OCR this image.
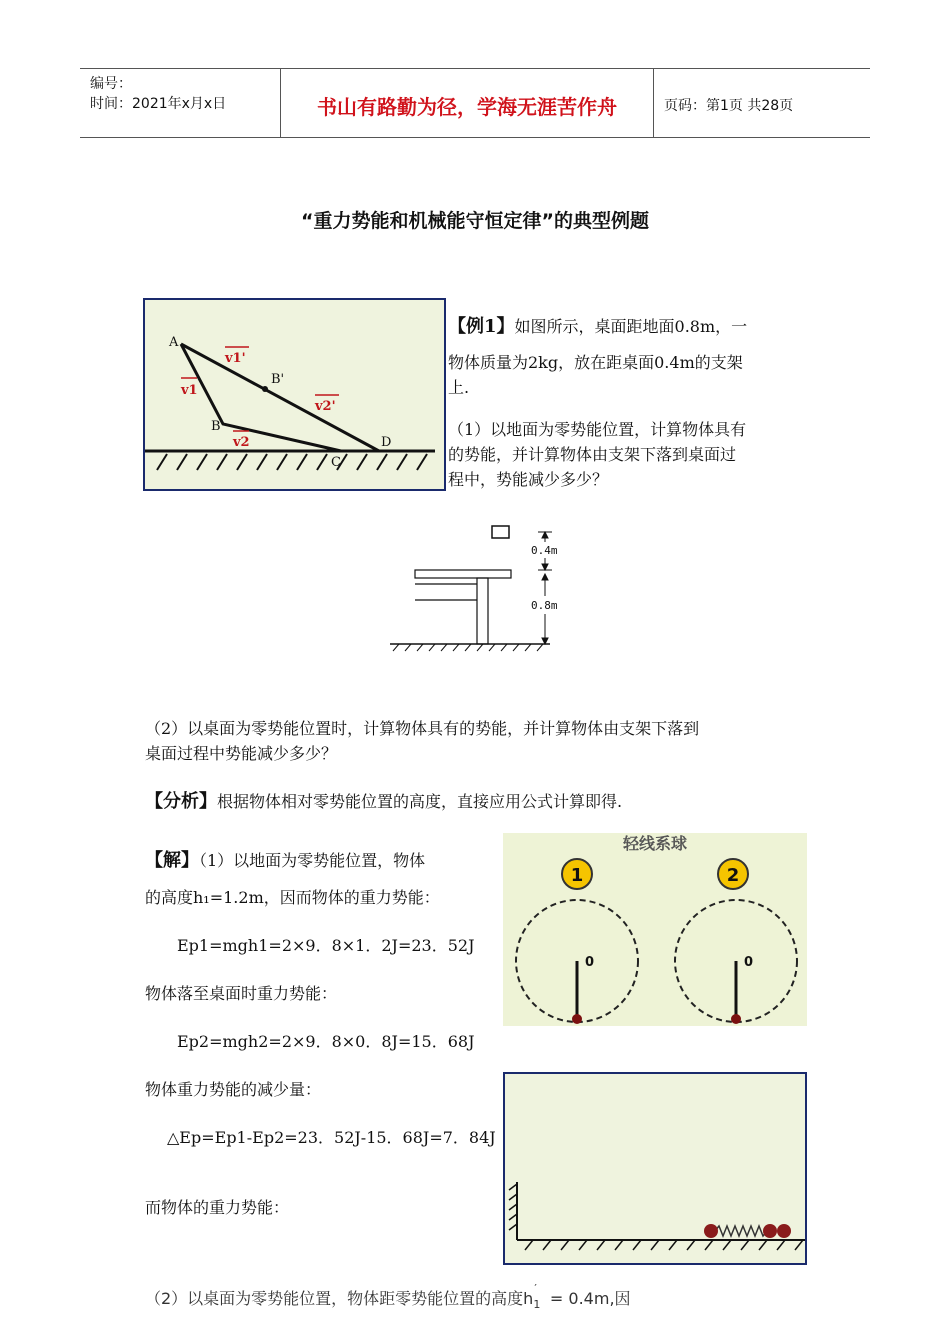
编号：
时间：2021年x月x日	书山有路勤为径，学海无涯苦作舟	页码：第1页 共28页
“重力势能和机械能守恒定律”的典型例题
A
B
B'
C
D
v1
v1'
v2
v2'
【例1】如图所示，桌面距地面0.8m，一
物体质量为2kg，放在距桌面0.4m的支架
上.
（1）以地面为零势能位置，计算物体具有
的势能，并计算物体由支架下落到桌面过
程中，势能减少多少？
0.4m
0.8m
（2）以桌面为零势能位置时，计算物体具有的势能，并计算物体由支架下落到
桌面过程中势能减少多少？
【分析】根据物体相对零势能位置的高度，直接应用公式计算即得.
【解】（1）以地面为零势能位置，物体
的高度h₁=1.2m，因而物体的重力势能：
Ep1=mgh1=2×9．8×1．2J=23．52J
物体落至桌面时重力势能：
Ep2=mgh2=2×9．8×0．8J=15．68J
物体重力势能的减少量：
△Ep=Ep1-Ep2=23．52J-15．68J=7．84J
而物体的重力势能：
轻线系球
1	2
0	0
（2）以桌面为零势能位置，物体距零势能位置的高度$h_1' = 0.4m$,因
